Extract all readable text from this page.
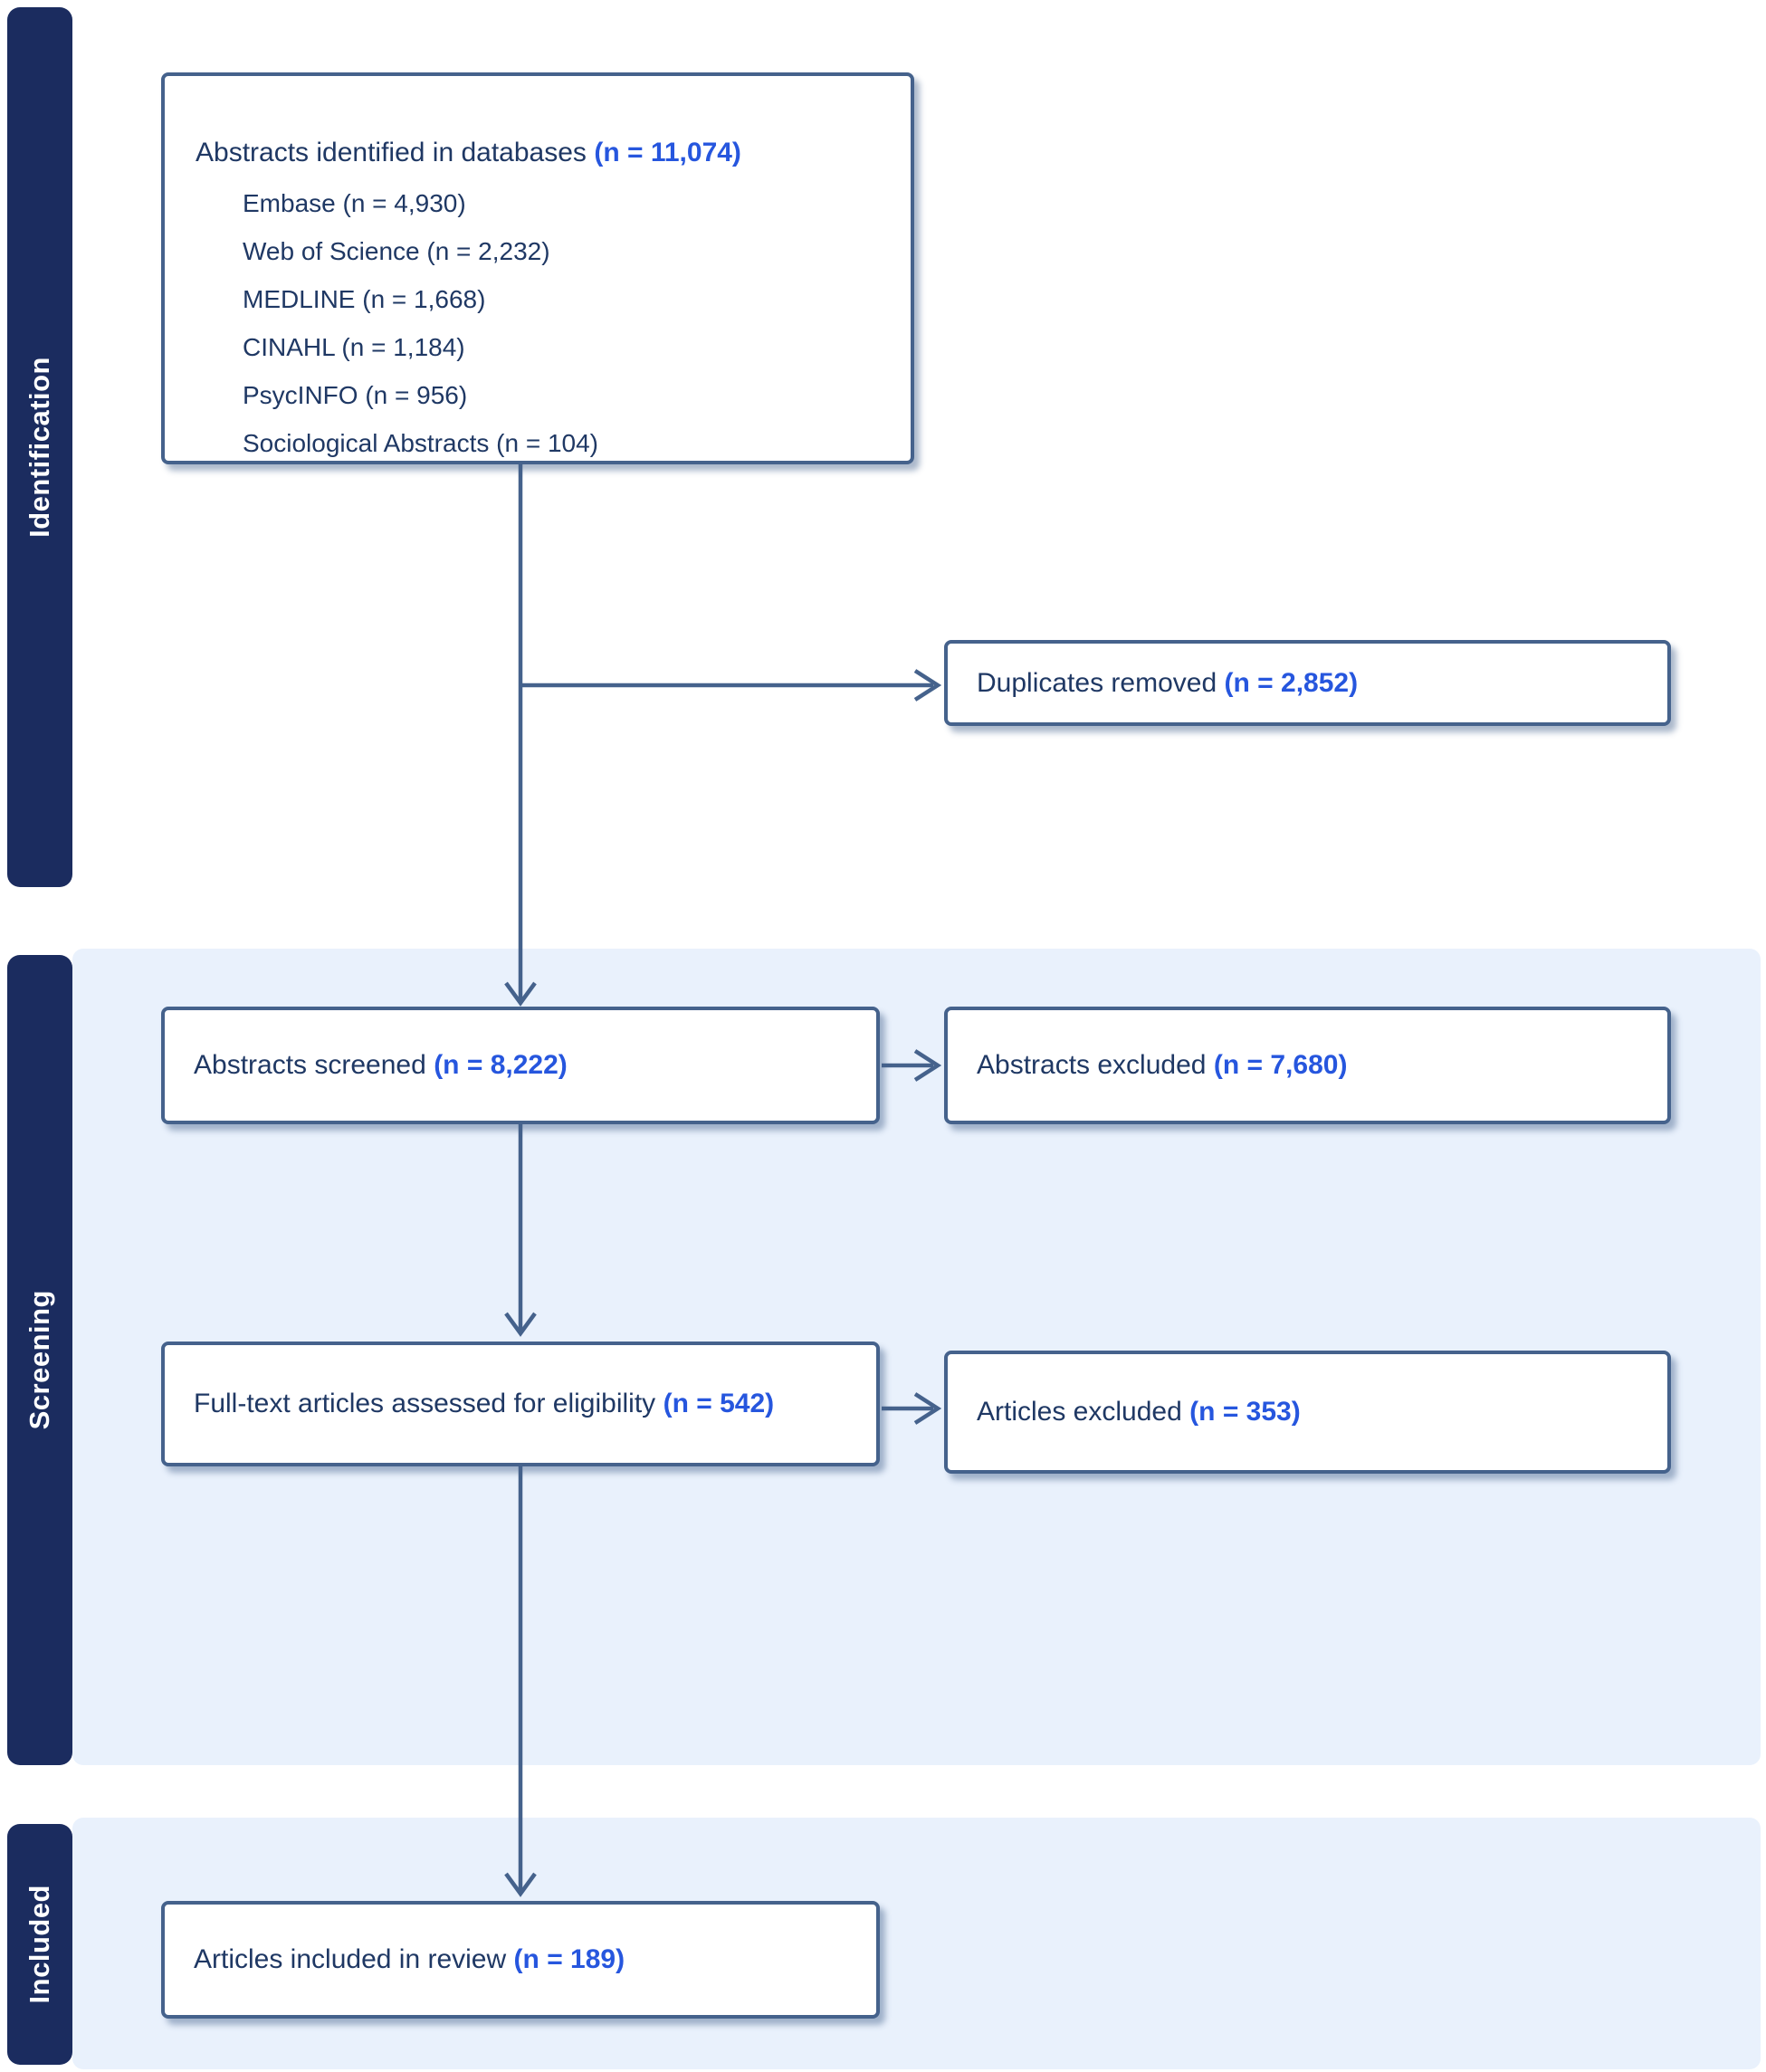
Identification
Screening
Included
Abstracts identified in databases (n = 11,074)
Embase (n = 4,930)
Web of Science (n = 2,232)
MEDLINE (n = 1,668)
CINAHL (n = 1,184)
PsycINFO (n = 956)
Sociological Abstracts (n = 104)
Duplicates removed (n = 2,852)
Abstracts screened (n = 8,222)	Abstracts excluded (n = 7,680)
Full-text articles assessed for eligibility (n = 542)	Articles excluded (n = 353)
Articles included in review (n = 189)
